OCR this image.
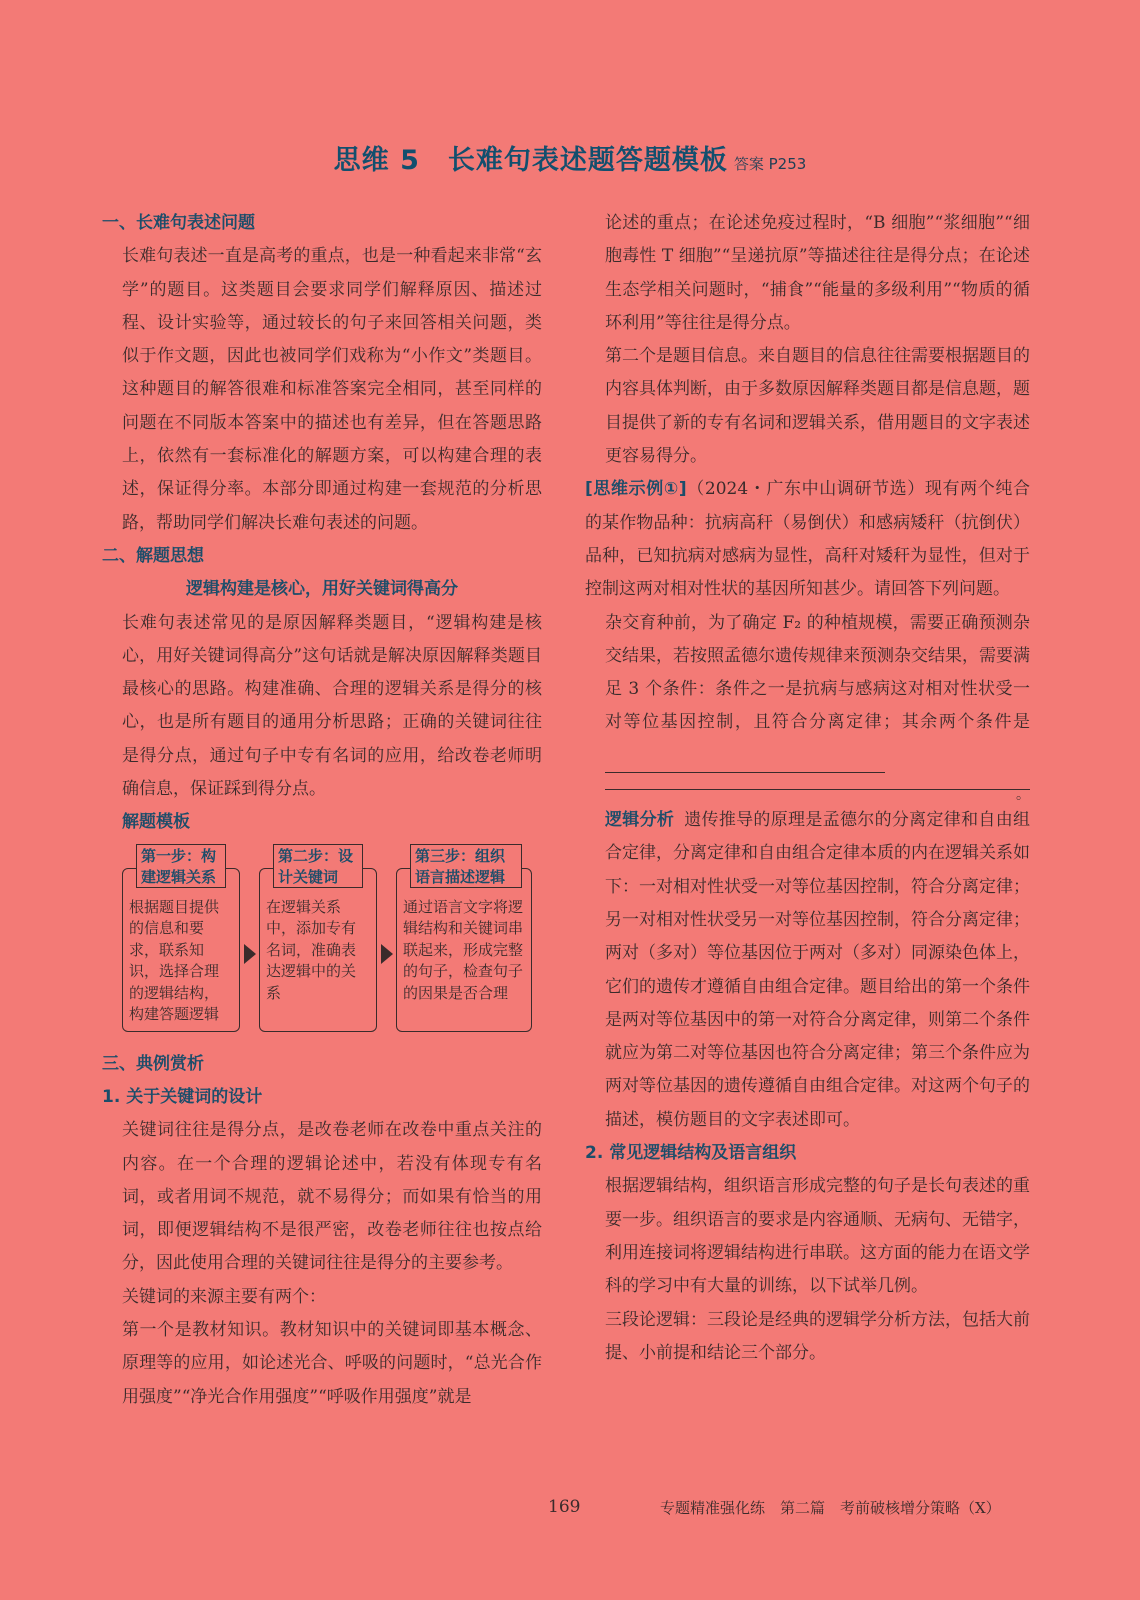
思维 5　长难句表述题答题模板 答案 P253
一、长难句表述问题

长难句表述一直是高考的重点，也是一种看起来非常“玄学”的题目。这类题目会要求同学们解释原因、描述过程、设计实验等，通过较长的句子来回答相关问题，类似于作文题，因此也被同学们戏称为“小作文”类题目。这种题目的解答很难和标准答案完全相同，甚至同样的问题在不同版本答案中的描述也有差异，但在答题思路上，依然有一套标准化的解题方案，可以构建合理的表述，保证得分率。本部分即通过构建一套规范的分析思路，帮助同学们解决长难句表述的问题。

二、解题思想
逻辑构建是核心，用好关键词得高分

长难句表述常见的是原因解释类题目，“逻辑构建是核心，用好关键词得高分”这句话就是解决原因解释类题目最核心的思路。构建准确、合理的逻辑关系是得分的核心，也是所有题目的通用分析思路；正确的关键词往往是得分点，通过句子中专有名词的应用，给改卷老师明确信息，保证踩到得分点。

解题模板
根据题目提供的信息和要求，联系知识，选择合理的逻辑结构，构建答题逻辑
第一步：构建逻辑关系
在逻辑关系中，添加专有名词，准确表达逻辑中的关系
第二步：设计关键词
通过语言文字将逻辑结构和关键词串联起来，形成完整的句子，检查句子的因果是否合理
第三步：组织语言描述逻辑
三、典例赏析
1. 关于关键词的设计

关键词往往是得分点，是改卷老师在改卷中重点关注的内容。在一个合理的逻辑论述中，若没有体现专有名词，或者用词不规范，就不易得分；而如果有恰当的用词，即便逻辑结构不是很严密，改卷老师往往也按点给分，因此使用合理的关键词往往是得分的主要参考。

关键词的来源主要有两个：

第一个是教材知识。教材知识中的关键词即基本概念、原理等的应用，如论述光合、呼吸的问题时，“总光合作用强度”“净光合作用强度”“呼吸作用强度”就是

论述的重点；在论述免疫过程时，“B 细胞”“浆细胞”“细胞毒性 T 细胞”“呈递抗原”等描述往往是得分点；在论述生态学相关问题时，“捕食”“能量的多级利用”“物质的循环利用”等往往是得分点。

第二个是题目信息。来自题目的信息往往需要根据题目的内容具体判断，由于多数原因解释类题目都是信息题，题目提供了新的专有名词和逻辑关系，借用题目的文字表述更容易得分。

[思维示例①]（2024・广东中山调研节选）现有两个纯合的某作物品种：抗病高秆（易倒伏）和感病矮秆（抗倒伏）品种，已知抗病对感病为显性，高秆对矮秆为显性，但对于控制这两对相对性状的基因所知甚少。请回答下列问题。

杂交育种前，为了确定 F₂ 的种植规模，需要正确预测杂交结果，若按照孟德尔遗传规律来预测杂交结果，需要满足 3 个条件：条件之一是抗病与感病这对相对性状受一对等位基因控制，且符合分离定律；其余两个条件是

。

逻辑分析 遗传推导的原理是孟德尔的分离定律和自由组合定律，分离定律和自由组合定律本质的内在逻辑关系如下：一对相对性状受一对等位基因控制，符合分离定律；另一对相对性状受另一对等位基因控制，符合分离定律；两对（多对）等位基因位于两对（多对）同源染色体上，它们的遗传才遵循自由组合定律。题目给出的第一个条件是两对等位基因中的第一对符合分离定律，则第二个条件就应为第二对等位基因也符合分离定律；第三个条件应为两对等位基因的遗传遵循自由组合定律。对这两个句子的描述，模仿题目的文字表述即可。

2. 常见逻辑结构及语言组织

根据逻辑结构，组织语言形成完整的句子是长句表述的重要一步。组织语言的要求是内容通顺、无病句、无错字，利用连接词将逻辑结构进行串联。这方面的能力在语文学科的学习中有大量的训练，以下试举几例。

三段论逻辑：三段论是经典的逻辑学分析方法，包括大前提、小前提和结论三个部分。

169	专题精准强化练　第二篇　考前破核增分策略（X）
